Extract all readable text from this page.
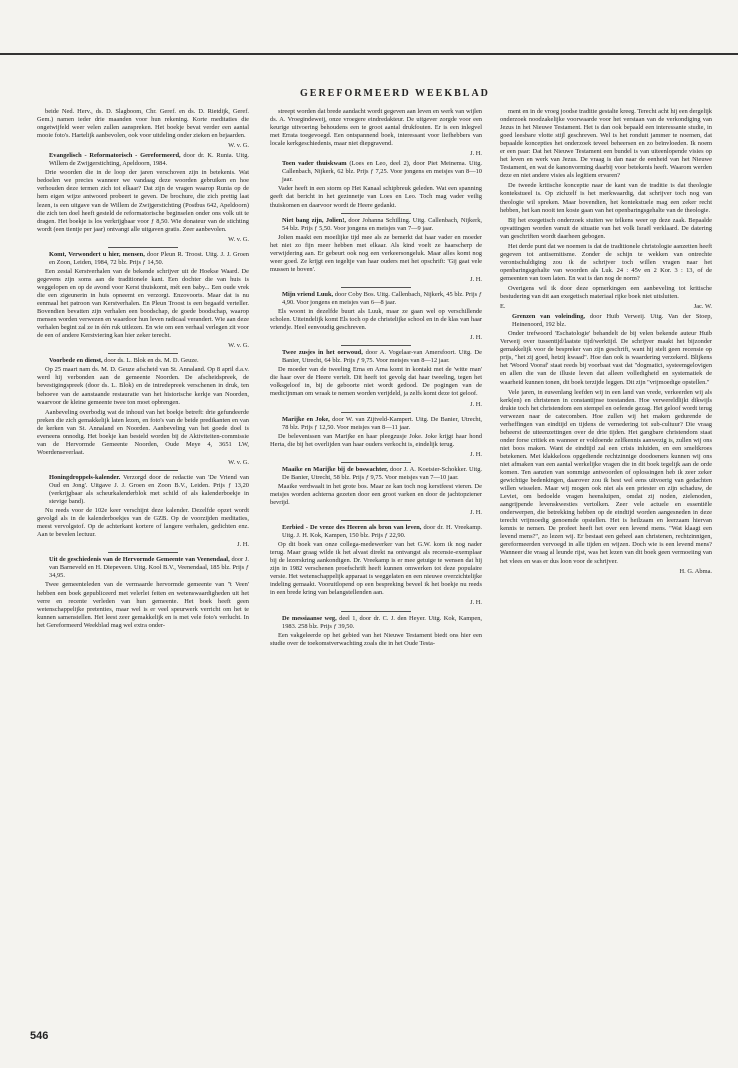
GEREFORMEERD WEEKBLAD

beide Ned. Herv., ds. D. Slagboom, Chr. Geref. en ds. D. Rietdijk, Geref. Gem.) namen ieder drie maanden voor hun rekening. Korte meditaties die ongetwijfeld weer velen zullen aanspreken. Het boekje bevat verder een aantal mooie foto's. Hartelijk aanbevolen, ook voor uitdeling onder zieken en bejaarden.

W. v. G.

Evangelisch - Reformatorisch - Gereformeerd, door dr. K. Runia. Uitg. Willem de Zwijgerstichting, Apeldoorn, 1984.

Drie woorden die in de loop der jaren verschoven zijn in betekenis. Wat bedoelen we precies wanneer we vandaag deze woorden gebruiken en hoe verhouden deze termen zich tot elkaar? Dat zijn de vragen waarop Runia op de hem eigen wijze antwoord probeert te geven. De brochure, die zich prettig laat lezen, is een uitgave van de Willem de Zwijgerstichting (Postbus 642, Apeldoorn) die zich ten doel heeft gesteld de reformatorische beginselen onder ons volk uit te dragen. Het boekje is los verkrijgbaar voor ƒ 8,50. Wie donateur van de stichting wordt (een tientje per jaar) ontvangt alle uitgaven gratis. Zeer aanbevolen.

W. v. G.

Komt, Verwondert u hier, mensen, door Pleun R. Troost. Uitg. J. J. Groen en Zoon, Leiden, 1984, 72 blz. Prijs ƒ 14,50.

Een zestal Kerstverhalen van de bekende schrijver uit de Hoekse Waard. De gegevens zijn soms aan de traditionele kant. Een dochter die van huis is weggelopen en op de avond voor Kerst thuiskomt, mét een baby... Een oude vrek die een zigeunerin in huis opneemt en verzorgt. Enzovoorts. Maar dat is nu eenmaal het patroon van Kerstverhalen. En Pleun Troost is een begaafd verteller. Bovendien bevatten zijn verhalen een boodschap, de goede boodschap, waarop mensen worden verwezen en waardoor hun leven radicaal verandert. Wie aan deze verhalen begint zal ze in één ruk uitlezen. En wie om een verhaal verlegen zit voor de een of andere Kerstviering kan hier zeker terecht.

W. v. G.

Voorbede en dienst, door ds. L. Blok en ds. M. D. Geuze.

Op 25 maart nam ds. M. D. Geuze afscheid van St. Annaland. Op 8 april d.a.v. werd hij verbonden aan de gemeente Noorden. De afscheidspreek, de bevestigingspreek (door ds. L. Blok) en de intredepreek verschenen in druk, ten behoeve van de aanstaande restauratie van het historische kerkje van Noorden, waarvoor de kleine gemeente twee ton moet opbrengen.

Aanbeveling overbodig wat de inhoud van het boekje betreft: drie gefundeerde preken die zich gemakkelijk laten lezen, en foto's van de beide predikanten en van de kerken van St. Annaland en Noorden. Aanbeveling van het goede doel is eveneens onnodig. Het boekje kan besteld worden bij de Aktiviteiten-commissie van de Hervormde Gemeente Noorden, Oude Meye 4, 3651 LW, Woerdenseverlaat.

W. v. G.

Honingdroppels-kalender. Verzorgd door de redactie van 'De Vriend van Oud en Jong'. Uitgave J. J. Groen en Zoon B.V., Leiden. Prijs ƒ 13,20 (verkrijgbaar als scheurkalenderblok met schild of als kalenderboekje in stevige band).

Nu reeds voor de 102e keer verschijnt deze kalender. Dezelfde opzet wordt gevolgd als in de kalenderboekjes van de GZB. Op de voorzijden meditaties, meest vervolgstof. Op de achterkant kortere of langere verhalen, gedichten enz. Aan te bevelen lectuur.

J. H.

Uit de geschiedenis van de Hervormde Gemeente van Veenendaal, door J. van Barneveld en H. Diepeveen. Uitg. Kool B.V., Veenendaal, 185 blz. Prijs ƒ 34,95.

Twee gemeenteleden van de vermaarde hervormde gemeente van ''t Veen' hebben een boek gepubliceerd met velerlei feiten en wetenswaardigheden uit het verre en recente verleden van hun gemeente. Het boek heeft geen wetenschappelijke pretenties, maar wel is er veel speurwerk verricht om het te kunnen samenstellen. Het leest zeer gemakkelijk en is met vele foto's verlucht. In het Gereformeerd Weekblad mag wel extra onder-

streept worden dat brede aandacht wordt gegeven aan leven en werk van wijlen ds. A. Vroegindeweij, onze vroegere eindredakteur. De uitgever zorgde voor een keurige uitvoering behoudens een te groot aantal drukfouten. Er is een inlegvel met Errata toegevoegd. Een ontspannend boek, interessant voor liefhebbers van locale kerkgeschiedenis, maar niet diepgravend.

J. H.

Toen vader thuiskwam (Loes en Leo, deel 2), door Piet Meinema. Uitg. Callenbach, Nijkerk, 62 blz. Prijs ƒ 7,25. Voor jongens en meisjes van 8—10 jaar.

Vader heeft in een storm op Het Kanaal schipbreuk geleden. Wat een spanning geeft dat bericht in het gezinnetje van Loes en Leo. Toch mag vader veilig thuiskomen en daarvoor wordt de Heere gedankt.

Niet bang zijn, Jolien!, door Johanna Schilling. Uitg. Callenbach, Nijkerk, 54 blz. Prijs ƒ 5,50. Voor jongens en meisjes van 7—9 jaar.

Jolien maakt een moeilijke tijd mee als ze bemerkt dat haar vader en moeder het niet zo fijn meer hebben met elkaar. Als kind voelt ze haarscherp de verwijdering aan. Er gebeurt ook nog een verkeersongeluk. Maar alles komt nog weer goed. Ze krijgt een tegeltje van haar ouders met het opschrift: 'Gij gaat vele mussen te boven'.

J. H.

Mijn vriend Luuk, door Coby Bos. Uitg. Callenbach, Nijkerk, 45 blz. Prijs ƒ 4,90. Voor jongens en meisjes van 6—8 jaar.

Els woont in dezelfde buurt als Luuk, maar ze gaan wel op verschillende scholen. Uiteindelijk komt Els toch op de christelijke school en in de klas van haar vriendje. Heel eenvoudig geschreven.

J. H.

Twee zusjes in het oerwoud, door A. Vogelaar-van Amersfoort. Uitg. De Banier, Utrecht, 64 blz. Prijs ƒ 9,75. Voor meisjes van 8—12 jaar.

De moeder van de tweeling Erna en Arna komt in kontakt met de 'witte man' die haar over de Heere vertelt. Dit heeft tot gevolg dat haar tweeling, tegen het volksgeloof in, bij de geboorte niet wordt gedood. De pogingen van de medicijnman om wraak te nemen worden verijdeld, ja zelfs komt deze tot geloof.

J. H.

Marijke en Joke, door W. van Zijtveld-Kampert. Uitg. De Banier, Utrecht, 78 blz. Prijs ƒ 12,50. Voor meisjes van 8—11 jaar.

De belevenissen van Marijke en haar pleegzusje Joke. Joke krijgt haar hond Herta, die bij het overlijden van haar ouders verkocht is, eindelijk terug.

J. H.

Maaike en Marijke bij de boswachter, door J. A. Koetsier-Schokker. Uitg. De Banier, Utrecht, 58 blz. Prijs ƒ 9,75. Voor meisjes van 7—10 jaar.

Maaike verdwaalt in het grote bos. Maar ze kan toch nog kerstfeest vieren. De meisjes worden achterna gezeten door een groot varken en door de jachtopziener bevrijd.

J. H.

Eerbied - De vreze des Heeren als bron van leven, door dr. H. Vreekamp. Uitg. J. H. Kok, Kampen, 150 blz. Prijs ƒ 22,90.

Op dit boek van onze collega-medewerker van het G.W. kom ik nog nader terug. Maar graag wilde ik het alvast direkt na ontvangst als recensie-exemplaar bij de lezerskring aankondigen. Dr. Vreekamp is er mee getuige te wensen dat hij zijn in 1982 verschenen proefschrift heeft kunnen omwerken tot deze populaire versie. Het wetenschappelijk apparaat is weggelaten en een nieuwe overzichtelijke indeling gemaakt. Vooruitlopend op een bespreking beveel ik het boekje nu reeds in een brede kring van belangstellenden aan.

J. H.

De messiaanse weg, deel 1, door dr. C. J. den Heyer. Uitg. Kok, Kampen, 1983. 258 blz. Prijs ƒ 39,50.

Een vakgeleerde op het gebied van het Nieuwe Testament biedt ons hier een studie over de toekomstverwachting zoals die in het Oude Testa-

ment en in de vroeg joodse traditie gestalte kreeg. Terecht acht hij een dergelijk onderzoek noodzakelijke voorwaarde voor het verstaan van de verkondiging van Jezus in het Nieuwe Testament. Het is dan ook bepaald een interessante studie, in goed leesbare vlotte stijl geschreven. Wel is het ronduit jammer te noemen, dat bepaalde koncepties het onderzoek teveel beheersen en zo beïnvloeden. Ik noem er een paar: Dat het Nieuwe Testament een bundel is van uiteenlopende visies op het leven en werk van Jezus. De vraag is dan naar de eenheid van het Nieuwe Testament, en wat de kanonvorming daarbij voor betekenis heeft. Waarom werden deze en niet andere visies als legitiem ervaren?

De tweede kritische konceptie naar de kant van de traditie is dat theologie kontekstueel is. Op zichzelf is het merkwaardig, dat schrijver toch nog van theologie wil spreken. Maar bovendien, het kontekstuele mag een zeker recht hebben, het kan nooit ten koste gaan van het openbaringsgehalte van de theologie.

Bij het exegetisch onderzoek stuiten we telkens weer op deze zaak. Bepaalde opvattingen worden vanuit de situatie van het volk Israël verklaard. De datering van geschriften wordt daarheen gebogen.

Het derde punt dat we noemen is dat de traditionele christologie aanzetten heeft gegeven tot antisemitisme. Zonder de schijn te wekken van ontrechte verontschuldiging zou ik de schrijver toch willen vragen naar het openbaringsgehalte van woorden als Luk. 24 : 45v en 2 Kor. 3 : 13, of de gemeenten van toen laten. En wat is dan nog de norm?

Overigens wil ik door deze opmerkingen een aanbeveling tot kritische bestudering van dit aan exegetisch materiaal rijke boek niet uitsluiten.

E.	Jac. W.

Grenzen van voleinding, door Huib Verweij. Uitg. Van der Stoep, Heinenoord, 192 blz.

Onder trefwoord 'Eschatologie' behandelt de bij velen bekende auteur Huib Verweij over tussentijd/laatste tijd/werktijd. De schrijver maakt het bijzonder gemakkelijk voor de bespreker van zijn geschrift, want hij stelt geen recensie op prijs, "het zij goed, hetzij kwaad". Hoe dan ook is waardering verzekerd. Blijkens het 'Woord Vooraf' staat reeds bij voorbaat vast dat "dogmatici, systeemgelovigen en allen die van de illusie leven dat alleen volledigheid en systematiek de waarheid kunnen tonen, dit boek terzijde leggen. Dit zijn "vrijmoedige opstellen."

Vele jaren, in euwenlang leefden wij in een land van vrede, verkeerden wij als kerk(en) en christenen in constantijnse toestanden. Hoe verwereldlijkt dikwijls drukte toch het christendom een stempel en oefende gezag. Het geloof wordt terug verwezen naar de catecomben. Hoe zullen wij het maken gedurende de verheffingen van eindtijd en tijdens de vernedering tot sub-cultuur? Die vraag beheerst de uiteenzettingen over de drie tijden. Het gangbare christendom staat onder forse critiek en wanneer er voldoende zelfkennis aanwezig is, zullen wij ons niet boos maken. Want de eindtijd zal een crisis inluiden, en een smeltkroes betekenen. Met klakkeloos opgediende rechtzinnige doodoeners kunnen wij ons niet afmaken van een aantal werkelijke vragen die in dit boek tegelijk aan de orde komen. Ten aanzien van sommige antwoorden of oplossingen heb ik zeer zeker gewichtige bedenkingen, daarover zou ik best wel eens uitvoerig van gedachten willen wisselen. Maar wij mogen ook niet als een priester en zijn schaduw, de Leviet, om bedoelde vragen heensluipen, omdat zij noden, zielenoden, aangrijpende levenskwesties vertolken. Zeer vele actuele en essentiële onderwerpen, die betrekking hebben op de eindtijd worden aangesneden in deze terecht vrijmoedig genoemde opstellen. Het is heilzaam en leerzaam hiervan kennis te nemen. De profeet heeft het over een levend mens. "Wat klaagt een levend mens?", zo lezen wij. Er bestaat een geheel aan christenen, rechtzinnigen, gereformeerden vervoegd in alle tijden en wijzen. Doch wie is een levend mens? Wanneer die vraag al leunde rijst, was het lezen van dit boek geen vermoeiing van het vlees en was er dus loon voor de schrijver.

H. G. Abma.
546
